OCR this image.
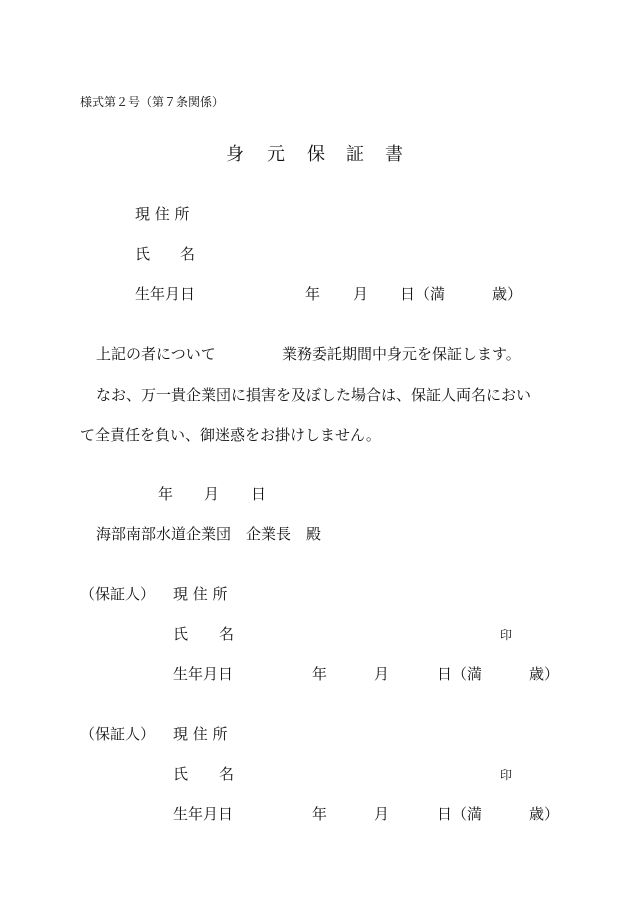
様式第２号（第７条関係）
身 元 保 証 書
現 住 所
氏 名
生年月日	年 月 日（満	歳）
上記の者について	業務委託期間中身元を保証します。
なお、万一貴企業団に損害を及ぼした場合は、保証人両名におい
て全責任を負い、御迷惑をお掛けしません。
年 月 日
海部南部水道企業団　企業長　殿
（保証人） 現 住 所
氏 名	印
生年月日	年	月	日（満	歳）
（保証人） 現 住 所
氏 名	印
生年月日	年	月	日（満	歳）
